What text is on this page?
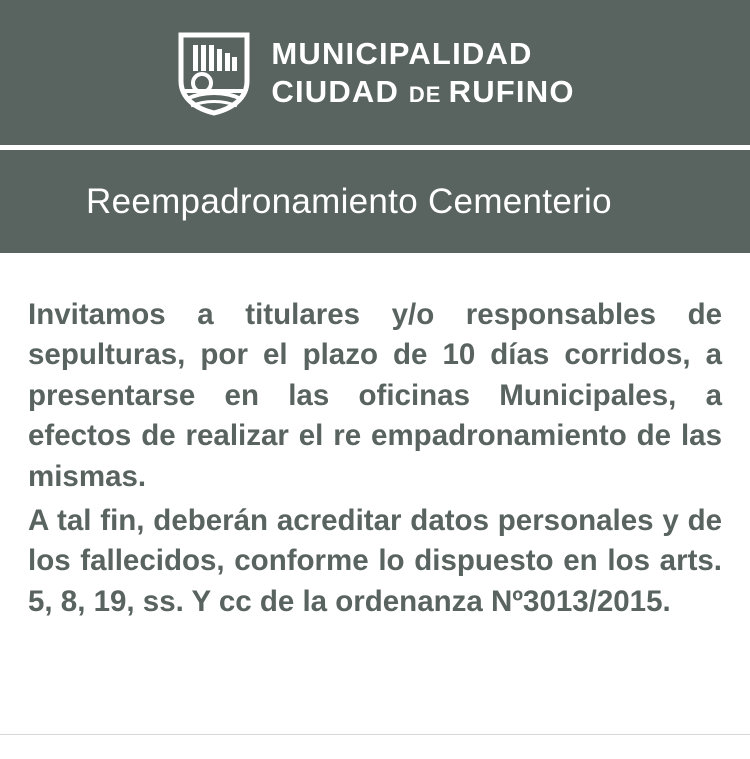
MUNICIPALIDAD
CIUDAD DE RUFINO
Reempadronamiento Cementerio

Invitamos a titulares y/o responsables de sepulturas, por el plazo de 10 días corridos, a presentarse en las oficinas Municipales, a efectos de realizar el re empadronamiento de las mismas.

A tal fin, deberán acreditar datos personales y de los fallecidos, conforme lo dispuesto en los arts. 5, 8, 19, ss. Y cc de la ordenanza Nº3013/2015.
